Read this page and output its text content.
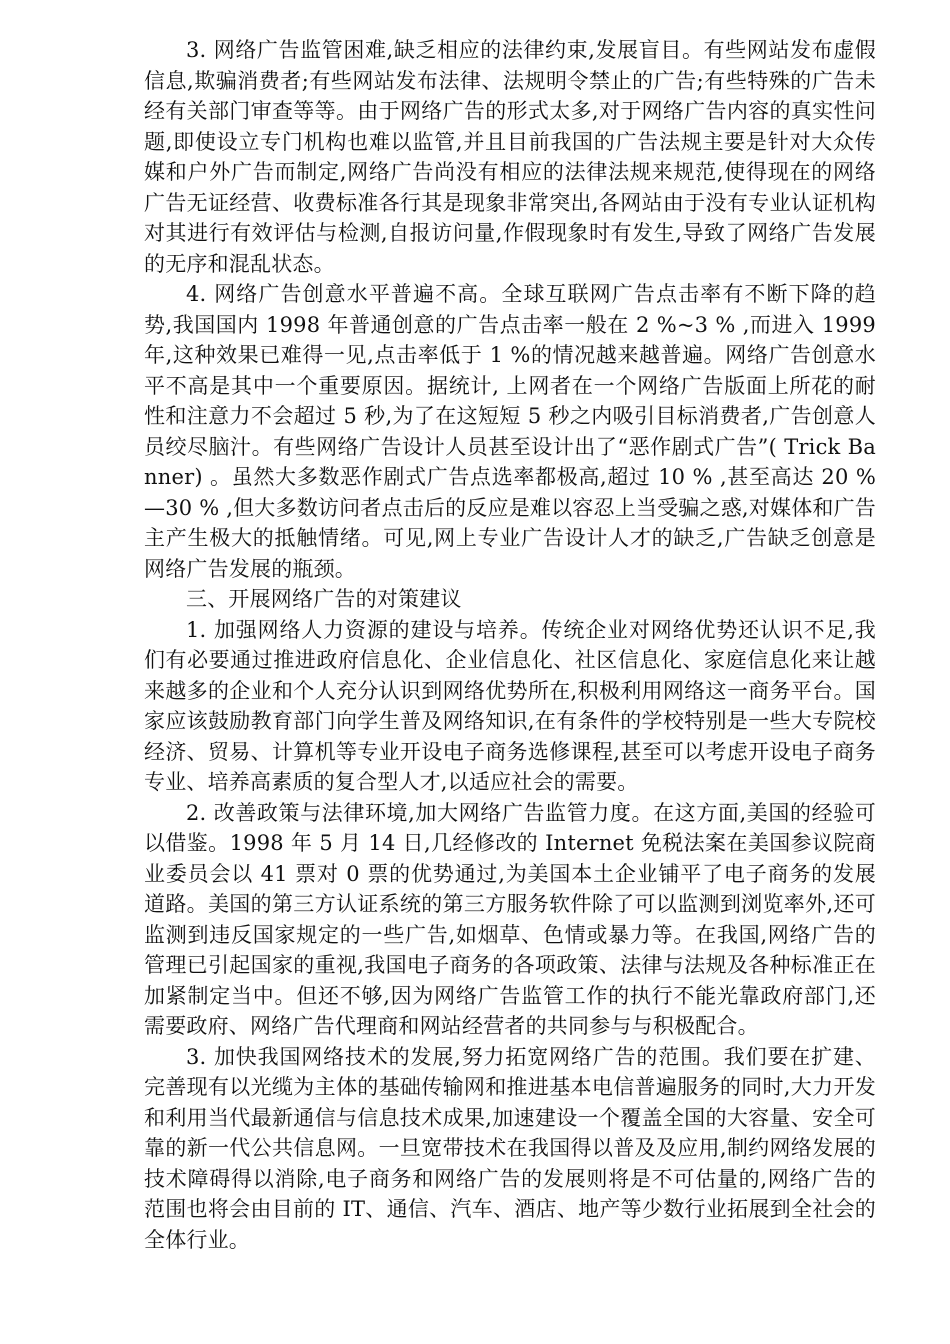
3. 网络广告监管困难,缺乏相应的法律约束,发展盲目。有些网站发布虚假信息,欺骗消费者;有些网站发布法律、法规明令禁止的广告;有些特殊的广告未经有关部门审查等等。由于网络广告的形式太多,对于网络广告内容的真实性问题,即使设立专门机构也难以监管,并且目前我国的广告法规主要是针对大众传媒和户外广告而制定,网络广告尚没有相应的法律法规来规范,使得现在的网络广告无证经营、收费标准各行其是现象非常突出,各网站由于没有专业认证机构对其进行有效评估与检测,自报访问量,作假现象时有发生,导致了网络广告发展的无序和混乱状态。

4. 网络广告创意水平普遍不高。全球互联网广告点击率有不断下降的趋势,我国国内 1998 年普通创意的广告点击率一般在 2 %~3 % ,而进入 1999 年,这种效果已难得一见,点击率低于 1 %的情况越来越普遍。网络广告创意水平不高是其中一个重要原因。据统计, 上网者在一个网络广告版面上所花的耐性和注意力不会超过 5 秒,为了在这短短 5 秒之内吸引目标消费者,广告创意人员绞尽脑汁。有些网络广告设计人员甚至设计出了“恶作剧式广告”( Trick Banner) 。虽然大多数恶作剧式广告点选率都极高,超过 10 % ,甚至高达 20 %—30 % ,但大多数访问者点击后的反应是难以容忍上当受骗之惑,对媒体和广告主产生极大的抵触情绪。可见,网上专业广告设计人才的缺乏,广告缺乏创意是网络广告发展的瓶颈。

三、开展网络广告的对策建议

1. 加强网络人力资源的建设与培养。传统企业对网络优势还认识不足,我们有必要通过推进政府信息化、企业信息化、社区信息化、家庭信息化来让越来越多的企业和个人充分认识到网络优势所在,积极利用网络这一商务平台。国家应该鼓励教育部门向学生普及网络知识,在有条件的学校特别是一些大专院校经济、贸易、计算机等专业开设电子商务选修课程,甚至可以考虑开设电子商务专业、培养高素质的复合型人才,以适应社会的需要。

2. 改善政策与法律环境,加大网络广告监管力度。在这方面,美国的经验可以借鉴。1998 年 5 月 14 日,几经修改的 Internet 免税法案在美国参议院商业委员会以 41 票对 0 票的优势通过,为美国本土企业铺平了电子商务的发展道路。美国的第三方认证系统的第三方服务软件除了可以监测到浏览率外,还可监测到违反国家规定的一些广告,如烟草、色情或暴力等。在我国,网络广告的管理已引起国家的重视,我国电子商务的各项政策、法律与法规及各种标准正在加紧制定当中。但还不够,因为网络广告监管工作的执行不能光靠政府部门,还需要政府、网络广告代理商和网站经营者的共同参与与积极配合。

3. 加快我国网络技术的发展,努力拓宽网络广告的范围。我们要在扩建、完善现有以光缆为主体的基础传输网和推进基本电信普遍服务的同时,大力开发和利用当代最新通信与信息技术成果,加速建设一个覆盖全国的大容量、安全可靠的新一代公共信息网。一旦宽带技术在我国得以普及及应用,制约网络发展的技术障碍得以消除,电子商务和网络广告的发展则将是不可估量的,网络广告的范围也将会由目前的 IT、通信、汽车、酒店、地产等少数行业拓展到全社会的全体行业。
